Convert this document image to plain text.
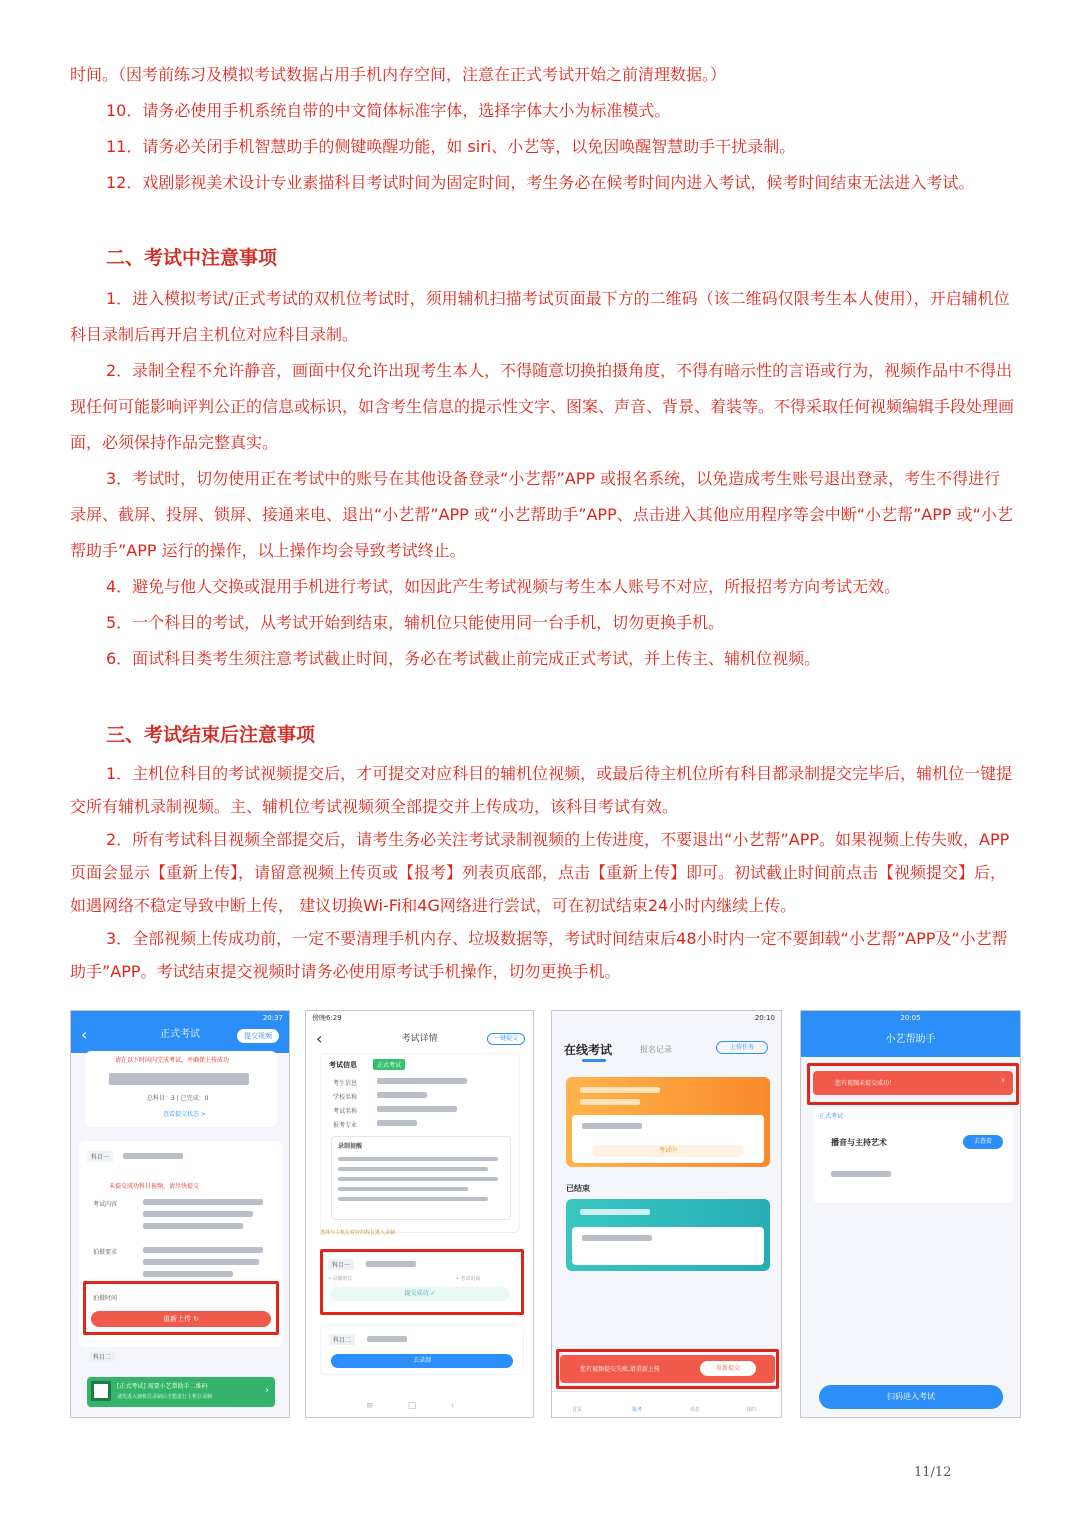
时间。（因考前练习及模拟考试数据占用手机内存空间，注意在正式考试开始之前清理数据。）
10．请务必使用手机系统自带的中文简体标准字体，选择字体大小为标准模式。
11．请务必关闭手机智慧助手的侧键唤醒功能，如 siri、小艺等，以免因唤醒智慧助手干扰录制。
12．戏剧影视美术设计专业素描科目考试时间为固定时间，考生务必在候考时间内进入考试，候考时间结束无法进入考试。
二、考试中注意事项
1．进入模拟考试/正式考试的双机位考试时，须用辅机扫描考试页面最下方的二维码（该二维码仅限考生本人使用），开启辅机位科目录制后再开启主机位对应科目录制。
2．录制全程不允许静音，画面中仅允许出现考生本人，不得随意切换拍摄角度，不得有暗示性的言语或行为，视频作品中不得出现任何可能影响评判公正的信息或标识，如含考生信息的提示性文字、图案、声音、背景、着装等。不得采取任何视频编辑手段处理画面，必须保持作品完整真实。
3．考试时，切勿使用正在考试中的账号在其他设备登录“小艺帮”APP 或报名系统，以免造成考生账号退出登录，考生不得进行录屏、截屏、投屏、锁屏、接通来电、退出“小艺帮”APP 或“小艺帮助手”APP、点击进入其他应用程序等会中断“小艺帮”APP 或“小艺帮助手”APP 运行的操作，以上操作均会导致考试终止。
4．避免与他人交换或混用手机进行考试，如因此产生考试视频与考生本人账号不对应，所报招考方向考试无效。
5．一个科目的考试，从考试开始到结束，辅机位只能使用同一台手机，切勿更换手机。
6．面试科目类考生须注意考试截止时间，务必在考试截止前完成正式考试，并上传主、辅机位视频。
三、考试结束后注意事项
1．主机位科目的考试视频提交后，才可提交对应科目的辅机位视频，或最后待主机位所有科目都录制提交完毕后，辅机位一键提交所有辅机录制视频。主、辅机位考试视频须全部提交并上传成功，该科目考试有效。
2．所有考试科目视频全部提交后，请考生务必关注考试录制视频的上传进度，不要退出“小艺帮”APP。如果视频上传失败，APP页面会显示【重新上传】，请留意视频上传页或【报考】列表页底部，点击【重新上传】即可。初试截止时间前点击【视频提交】后，如遇网络不稳定导致中断上传， 建议切换Wi-Fi和4G网络进行尝试，可在初试结束24小时内继续上传。
3．全部视频上传成功前，一定不要清理手机内存、垃圾数据等，考试时间结束后48小时内一定不要卸载“小艺帮”APP及“小艺帮助手”APP。考试结束提交视频时请务必使用原考试手机操作，切勿更换手机。
20:37
‹	正式考试	提交视频
请在以下时间内完成考试，并确保上传成功
总科目：3 | 已完成：0
查看提交状态 >
科目一
未提交成功科目视频，请尽快提交
考试内容
拍摄要求
拍摄时间
重新上传 ↻
科目二
[正式考试] 需要小艺帮助手二维码
请先进入辅机位录制后才能进行主机位录制
›
傍晚6:29
‹	考试详情	一键提交
考试信息	正式考试
考生信息
学校名称
考试名称
报考专业
录制提醒
选择与主机位对应的科目进入录制
科目一
• 录制时长	• 考试时间
提交成功 ✓
科目二
去录制
≡            □            ‹
20:10
在线考试	报名记录	上传任务
考试中
已结束
您有视频提交失败,请重新上传	重新提交
首页	报考	消息	我的
20:05
小艺帮助手
操作说明
您有视频未提交成功！	›
正式考试
播音与主持艺术	去查看
扫码进入考试
11/12
